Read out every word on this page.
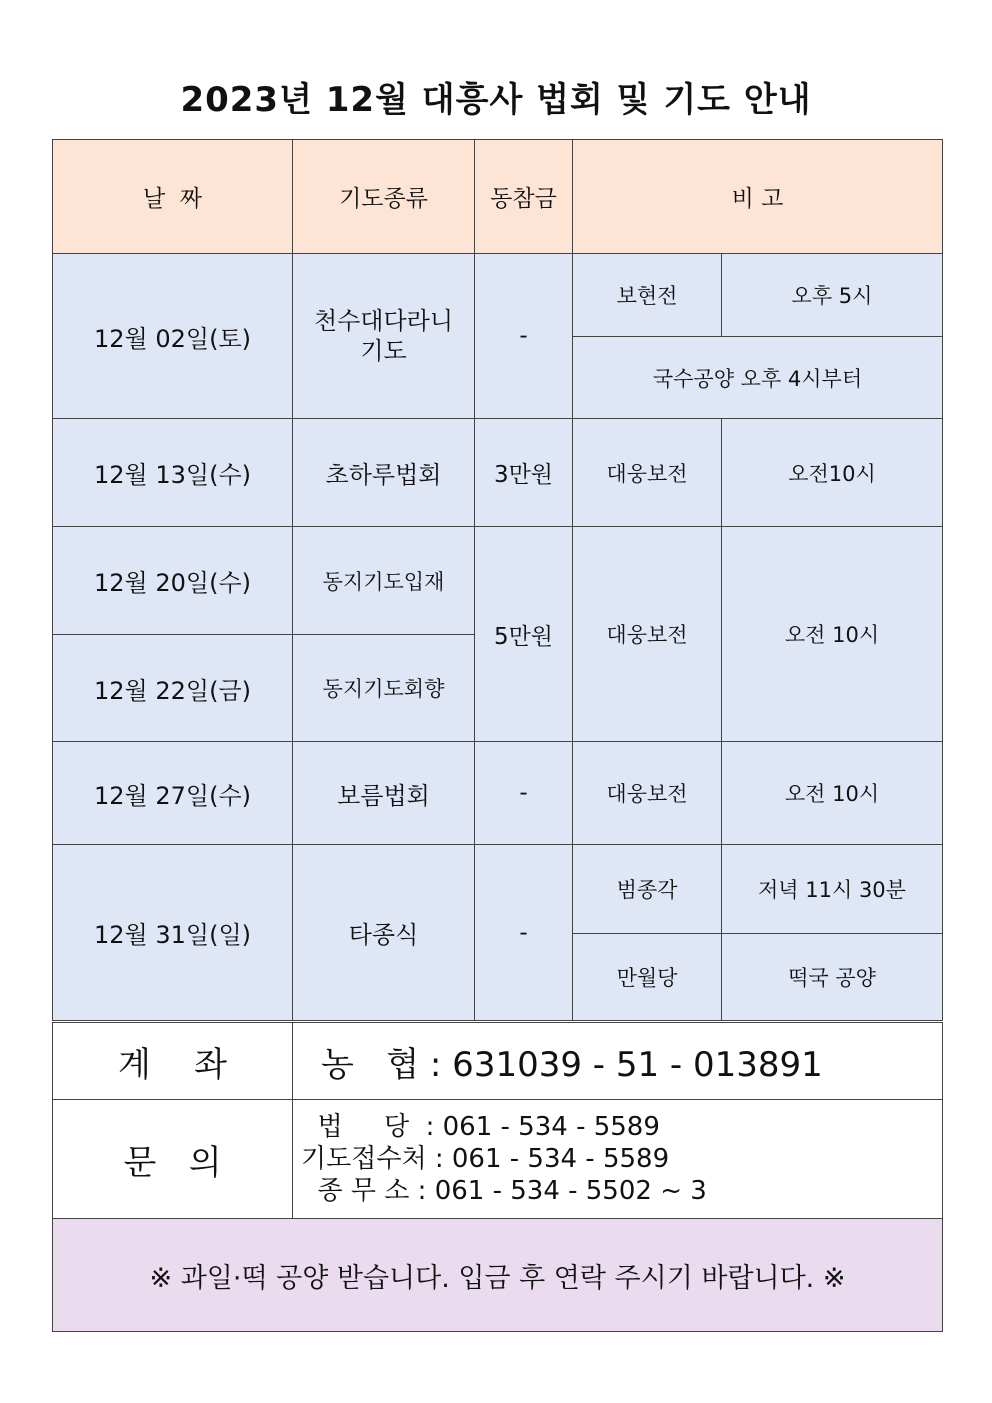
2023년 12월 대흥사 법회 및 기도 안내
날  짜	기도종류	동참금	비 고	
12월 02일(토)	천수대다라니
기도	-	보현전	오후 5시
			국수공양 오후 4시부터	
12월 13일(수)	초하루법회	3만원	대웅보전	오전10시
12월 20일(수)	동지기도입재	5만원	대웅보전	오전 10시
12월 22일(금)	동지기도회향			
12월 27일(수)	보름법회	-	대웅보전	오전 10시
12월 31일(일)	타종식	-	범종각	저녁 11시 30분
			만월당	떡국 공양
계    좌	농   협 : 631039 - 51 - 013891
문   의	법     당  : 061 - 534 - 5589
기도접수처 : 061 - 534 - 5589
종 무 소 : 061 - 534 - 5502 ~ 3

※ 과일·떡 공양 받습니다. 입금 후 연락 주시기 바랍니다. ※	
